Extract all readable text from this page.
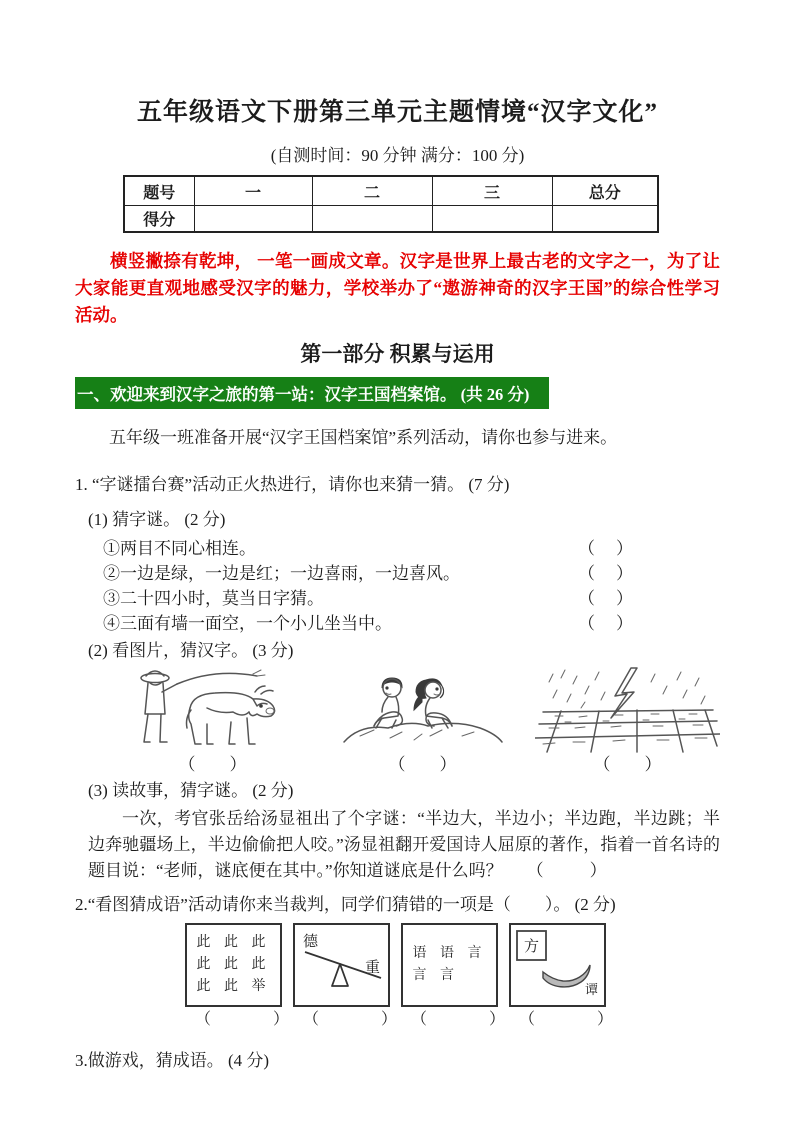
五年级语文下册第三单元主题情境“汉字文化”
(自测时间：90 分钟 满分：100 分)
题号	一	二	三	总分
得分				
横竖撇捺有乾坤， 一笔一画成文章。汉字是世界上最古老的文字之一，为了让大家能更直观地感受汉字的魅力，学校举办了“遨游神奇的汉字王国”的综合性学习活动。
第一部分 积累与运用
一、欢迎来到汉字之旅的第一站：汉字王国档案馆。 (共 26 分)
五年级一班准备开展“汉字王国档案馆”系列活动，请你也参与进来。
1. “字谜擂台赛”活动正火热进行，请你也来猜一猜。 (7 分)
(1) 猜字谜。 (2 分)
①两目不同心相连。	（　）
②一边是绿，一边是红；一边喜雨，一边喜风。	（　）
③二十四小时，莫当日字猜。	（　）
④三面有墙一面空，一个小儿坐当中。	（　）
(2) 看图片，猜汉字。 (3 分)
（　　）	（　　）	（　　）
(3) 读故事，猜字谜。 (2 分)
一次，考官张岳给汤显祖出了个字谜：“半边大，半边小；半边跑，半边跳；半边奔驰疆场上，半边偷偷把人咬。”汤显祖翻开爱国诗人屈原的著作，指着一首名诗的题目说：“老师，谜底便在其中。”你知道谜底是什么吗？ （　　）
2.“看图猜成语”活动请你来当裁判，同学们猜错的一项是（　　）。 (2 分)
此 此 此
此 此 此
此 此 举
（　　）
德
重
（　　）
语 语 言
言 言
（　　）
方
谭
（　　）
3.做游戏，猜成语。 (4 分)
